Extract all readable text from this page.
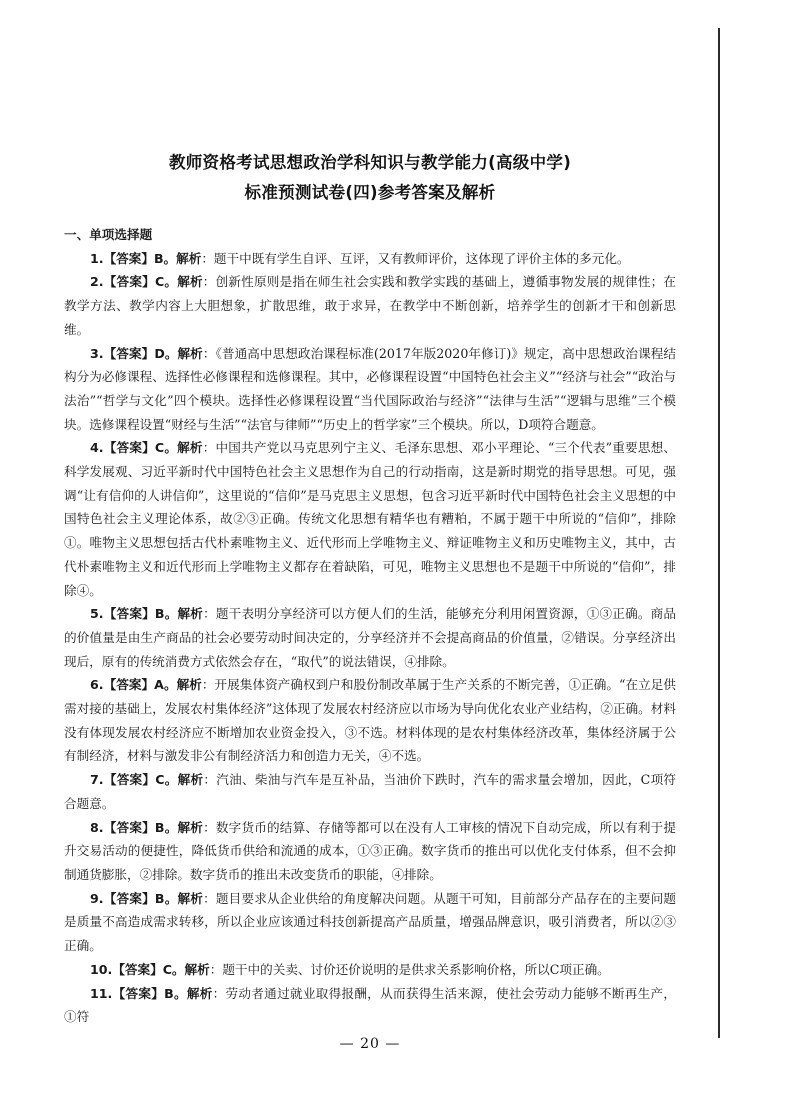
教师资格考试思想政治学科知识与教学能力(高级中学)
标准预测试卷(四)参考答案及解析
一、单项选择题
1.【答案】B。解析：题干中既有学生自评、互评，又有教师评价，这体现了评价主体的多元化。
2.【答案】C。解析：创新性原则是指在师生社会实践和教学实践的基础上，遵循事物发展的规律性；在教学方法、教学内容上大胆想象，扩散思维，敢于求异，在教学中不断创新，培养学生的创新才干和创新思维。
3.【答案】D。解析：《普通高中思想政治课程标准(2017年版2020年修订)》规定，高中思想政治课程结构分为必修课程、选择性必修课程和选修课程。其中，必修课程设置“中国特色社会主义”“经济与社会”“政治与法治”“哲学与文化”四个模块。选择性必修课程设置“当代国际政治与经济”“法律与生活”“逻辑与思维”三个模块。选修课程设置“财经与生活”“法官与律师”“历史上的哲学家”三个模块。所以，D项符合题意。
4.【答案】C。解析：中国共产党以马克思列宁主义、毛泽东思想、邓小平理论、“三个代表”重要思想、科学发展观、习近平新时代中国特色社会主义思想作为自己的行动指南，这是新时期党的指导思想。可见，强调“让有信仰的人讲信仰”，这里说的“信仰”是马克思主义思想，包含习近平新时代中国特色社会主义思想的中国特色社会主义理论体系，故②③正确。传统文化思想有精华也有糟粕，不属于题干中所说的“信仰”，排除①。唯物主义思想包括古代朴素唯物主义、近代形而上学唯物主义、辩证唯物主义和历史唯物主义，其中，古代朴素唯物主义和近代形而上学唯物主义都存在着缺陷，可见，唯物主义思想也不是题干中所说的“信仰”，排除④。
5.【答案】B。解析：题干表明分享经济可以方便人们的生活，能够充分利用闲置资源，①③正确。商品的价值量是由生产商品的社会必要劳动时间决定的，分享经济并不会提高商品的价值量，②错误。分享经济出现后，原有的传统消费方式依然会存在，“取代”的说法错误，④排除。
6.【答案】A。解析：开展集体资产确权到户和股份制改革属于生产关系的不断完善，①正确。“在立足供需对接的基础上，发展农村集体经济”这体现了发展农村经济应以市场为导向优化农业产业结构，②正确。材料没有体现发展农村经济应不断增加农业资金投入，③不选。材料体现的是农村集体经济改革，集体经济属于公有制经济，材料与激发非公有制经济活力和创造力无关，④不选。
7.【答案】C。解析：汽油、柴油与汽车是互补品，当油价下跌时，汽车的需求量会增加，因此，C项符合题意。
8.【答案】B。解析：数字货币的结算、存储等都可以在没有人工审核的情况下自动完成，所以有利于提升交易活动的便捷性，降低货币供给和流通的成本，①③正确。数字货币的推出可以优化支付体系，但不会抑制通货膨胀，②排除。数字货币的推出未改变货币的职能，④排除。
9.【答案】B。解析：题目要求从企业供给的角度解决问题。从题干可知，目前部分产品存在的主要问题是质量不高造成需求转移，所以企业应该通过科技创新提高产品质量，增强品牌意识，吸引消费者，所以②③正确。
10.【答案】C。解析：题干中的关卖、讨价还价说明的是供求关系影响价格，所以C项正确。
11.【答案】B。解析：劳动者通过就业取得报酬，从而获得生活来源，使社会劳动力能够不断再生产，①符
— 20 —
